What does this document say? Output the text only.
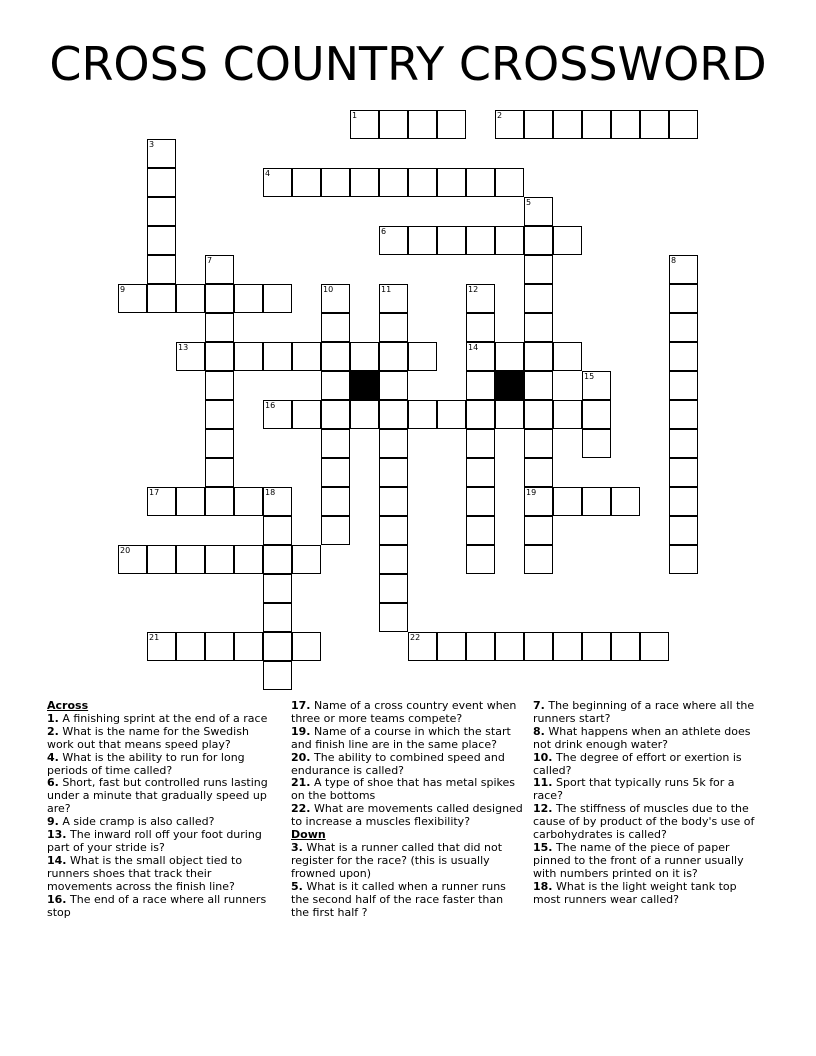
CROSS COUNTRY CROSSWORD
1	2
3
4
5
19
6
7	8
9	10	11	12
14
13
15
16
17	18
20
21	22
Across
1. A finishing sprint at the end of a race
2. What is the name for the Swedish work out that means speed play?
4. What is the ability to run for long periods of time called?
6. Short, fast but controlled runs lasting under a minute that gradually speed up are?
9. A side cramp is also called?
13. The inward roll off your foot during part of your stride is?
14. What is the small object tied to runners shoes that track their movements across the finish line?
16. The end of a race where all runners stop
17. Name of a cross country event when three or more teams compete?
19. Name of a course in which the start and finish line are in the same place?
20. The ability to combined speed and endurance is called?
21. A type of shoe that has metal spikes on the bottoms
22. What are movements called designed to increase a muscles flexibility?
Down
3. What is a runner called that did not register for the race? (this is usually frowned upon)
5. What is it called when a runner runs the second half of the race faster than the first half ?
7. The beginning of a race where all the runners start?
8. What happens when an athlete does not drink enough water?
10. The degree of effort or exertion is called?
11. Sport that typically runs 5k for a race?
12. The stiffness of muscles due to the cause of by product of the body's use of carbohydrates is called?
15. The name of the piece of paper pinned to the front of a runner usually with numbers printed on it is?
18. What is the light weight tank top most runners wear called?
